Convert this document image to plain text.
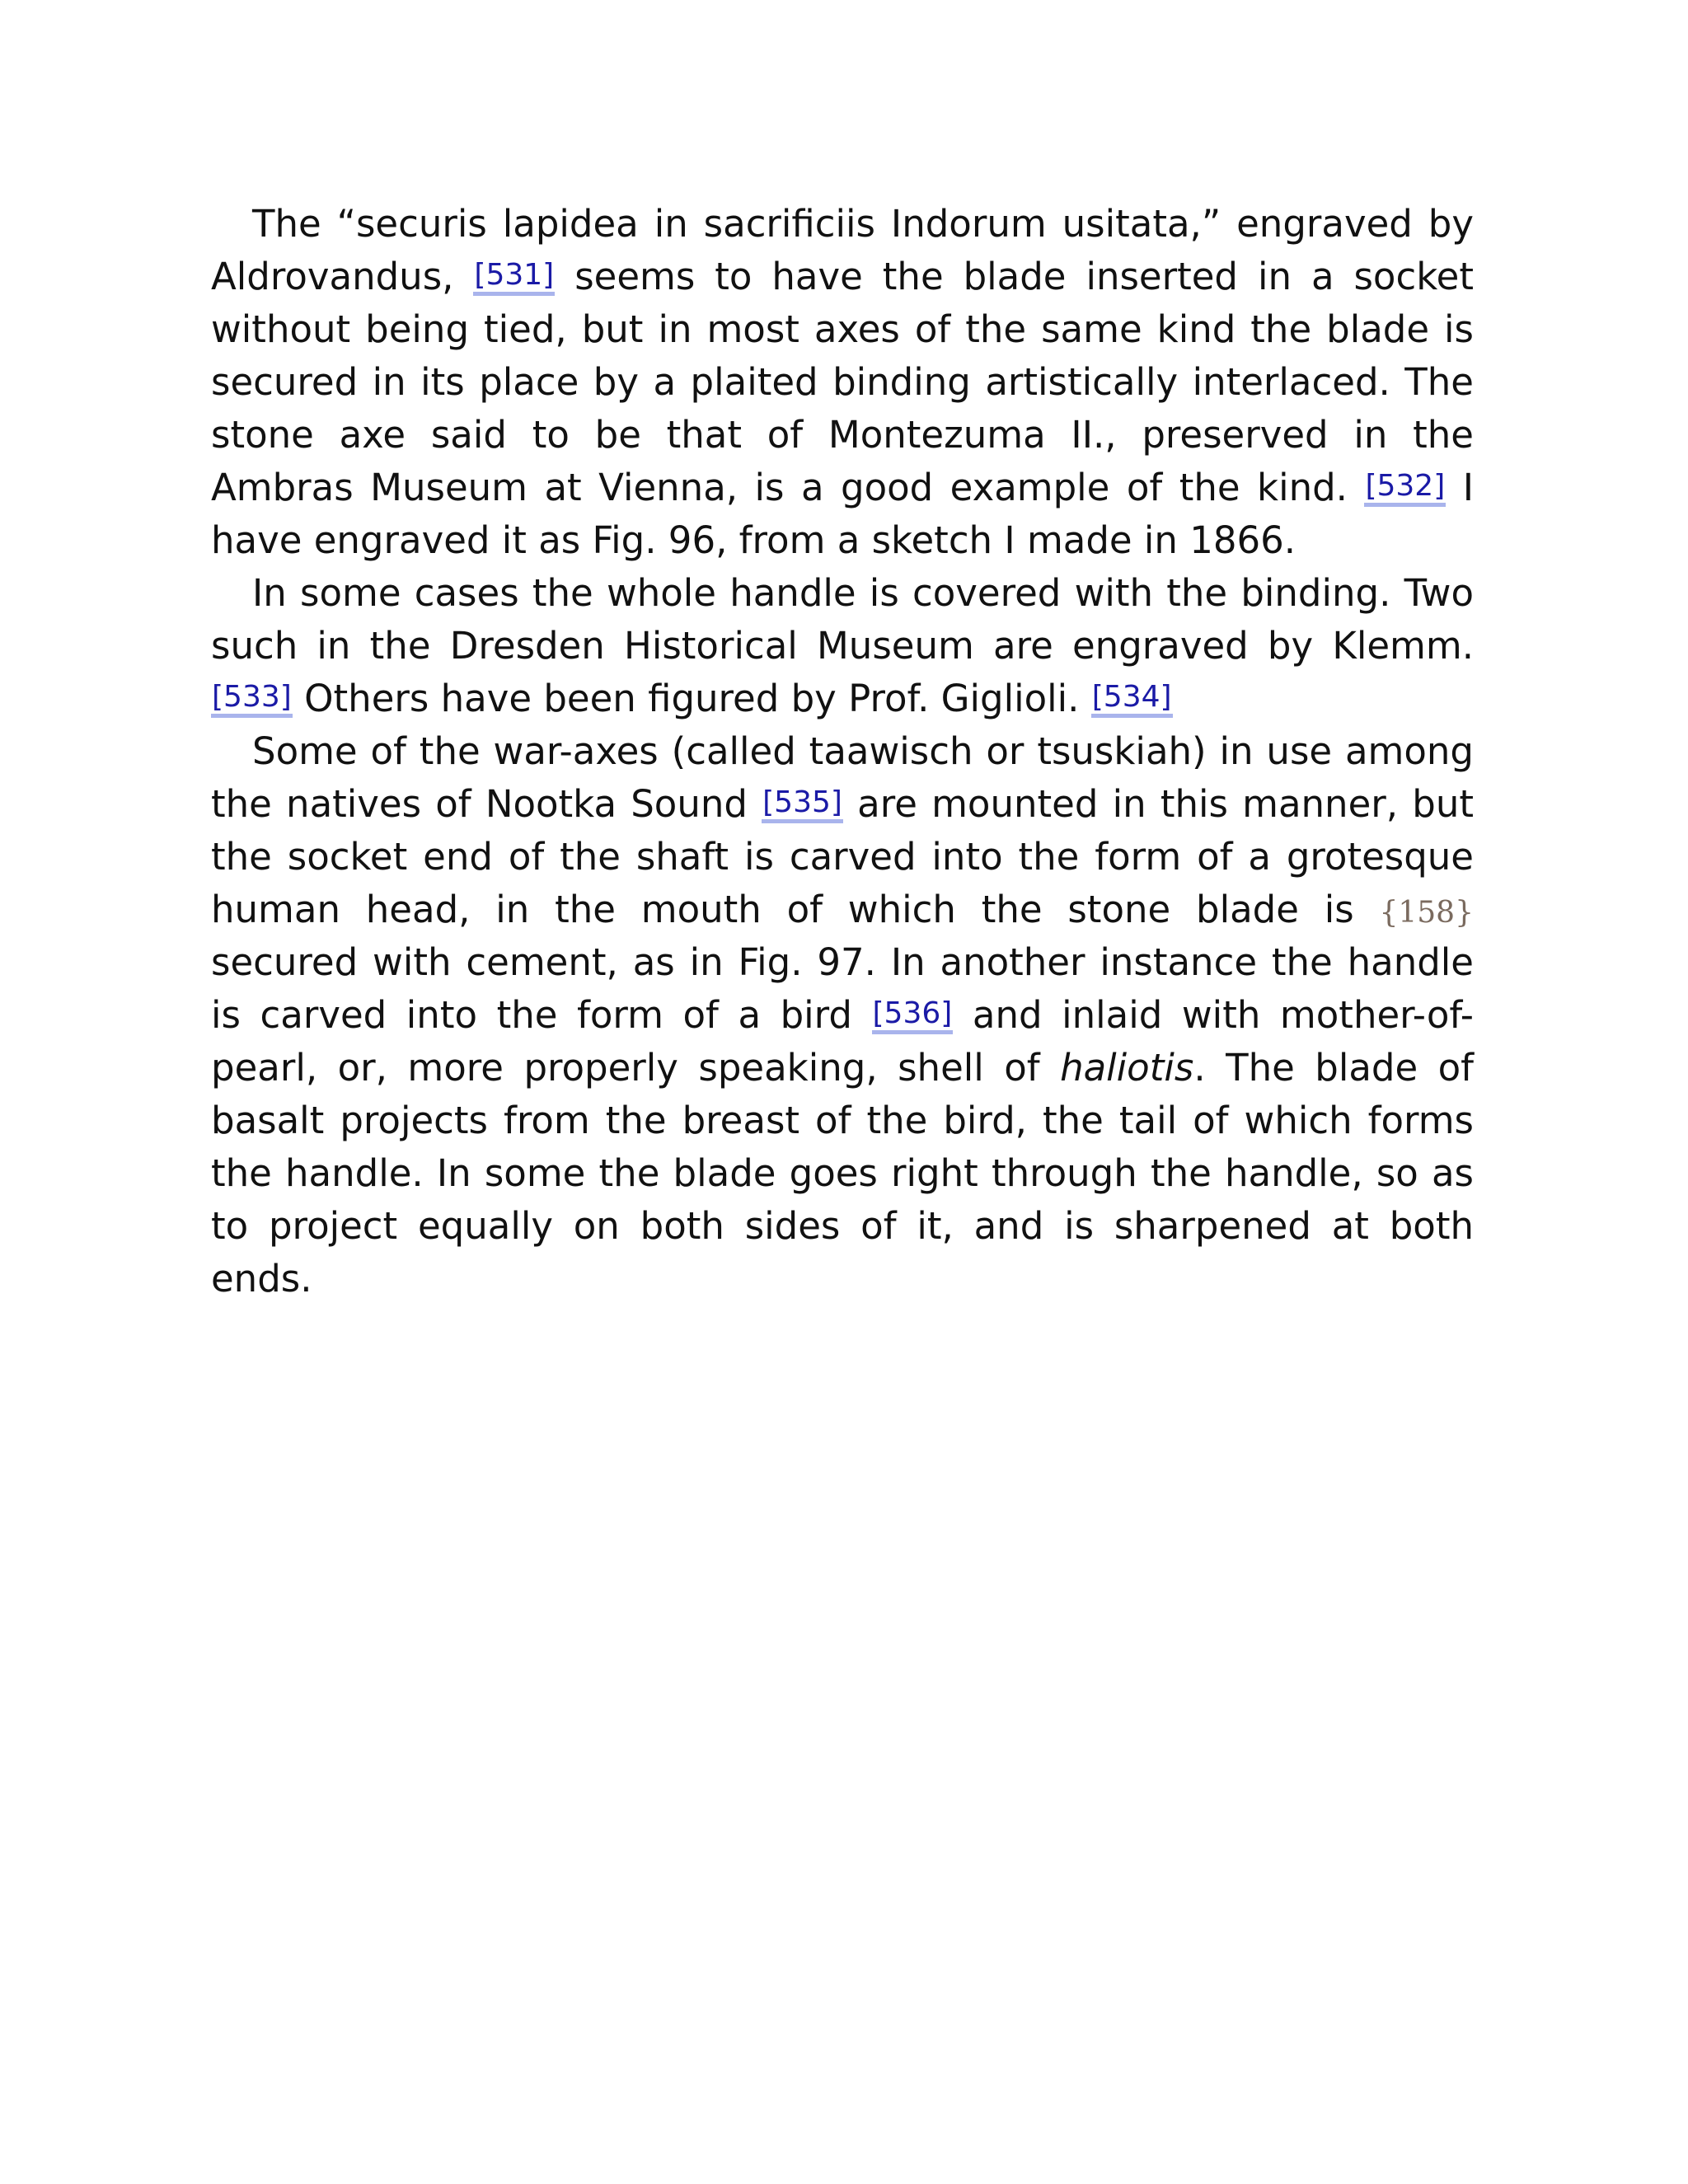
The “securis lapidea in sacrificiis Indorum usitata,” engraved by Aldrovandus, [531] seems to have the blade inserted in a socket without being tied, but in most axes of the same kind the blade is secured in its place by a plaited binding artistically interlaced. The stone axe said to be that of Montezuma II., preserved in the Ambras Museum at Vienna, is a good example of the kind. [532] I have engraved it as Fig. 96, from a sketch I made in 1866.

In some cases the whole handle is covered with the binding. Two such in the Dresden Historical Museum are engraved by Klemm. [533] Others have been figured by Prof. Giglioli. [534]

Some of the war-axes (called taawisch or tsuskiah) in use among the natives of Nootka Sound [535] are mounted in this manner, but the socket end of the shaft is carved into the form of a grotesque human head, in the mouth of which the stone blade is {158} secured with cement, as in Fig. 97. In another instance the handle is carved into the form of a bird [536] and inlaid with mother-of-pearl, or, more properly speaking, shell of haliotis. The blade of basalt projects from the breast of the bird, the tail of which forms the handle. In some the blade goes right through the handle, so as to project equally on both sides of it, and is sharpened at both ends.
